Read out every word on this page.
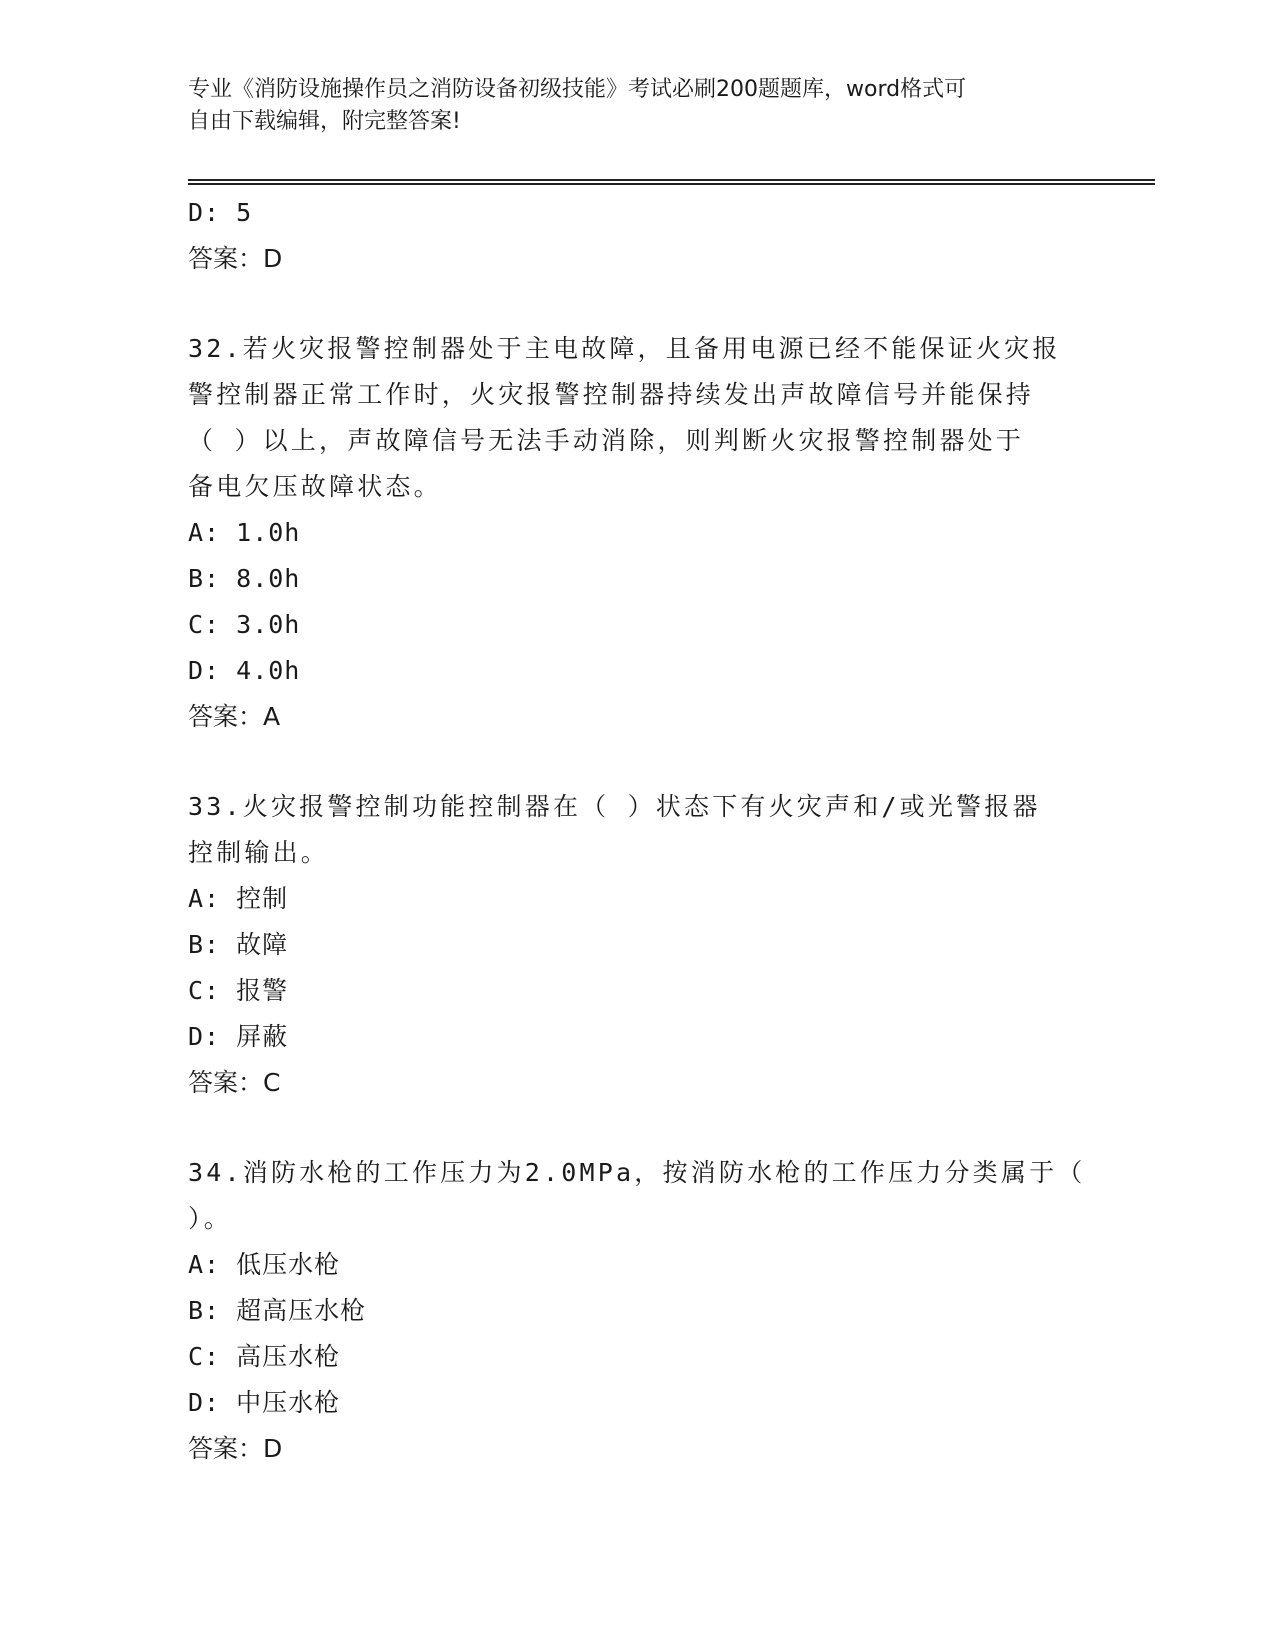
专业《消防设施操作员之消防设备初级技能》考试必刷200题题库，word格式可
自由下载编辑，附完整答案!
D: 5
答案：D
32.若火灾报警控制器处于主电故障，且备用电源已经不能保证火灾报
警控制器正常工作时，火灾报警控制器持续发出声故障信号并能保持
（ ）以上，声故障信号无法手动消除，则判断火灾报警控制器处于
备电欠压故障状态。
A: 1.0h
B: 8.0h
C: 3.0h
D: 4.0h
答案：A
33.火灾报警控制功能控制器在（ ）状态下有火灾声和/或光警报器
控制输出。
A: 控制
B: 故障
C: 报警
D: 屏蔽
答案：C
34.消防水枪的工作压力为2.0MPa，按消防水枪的工作压力分类属于（
）。
A: 低压水枪
B: 超高压水枪
C: 高压水枪
D: 中压水枪
答案：D
